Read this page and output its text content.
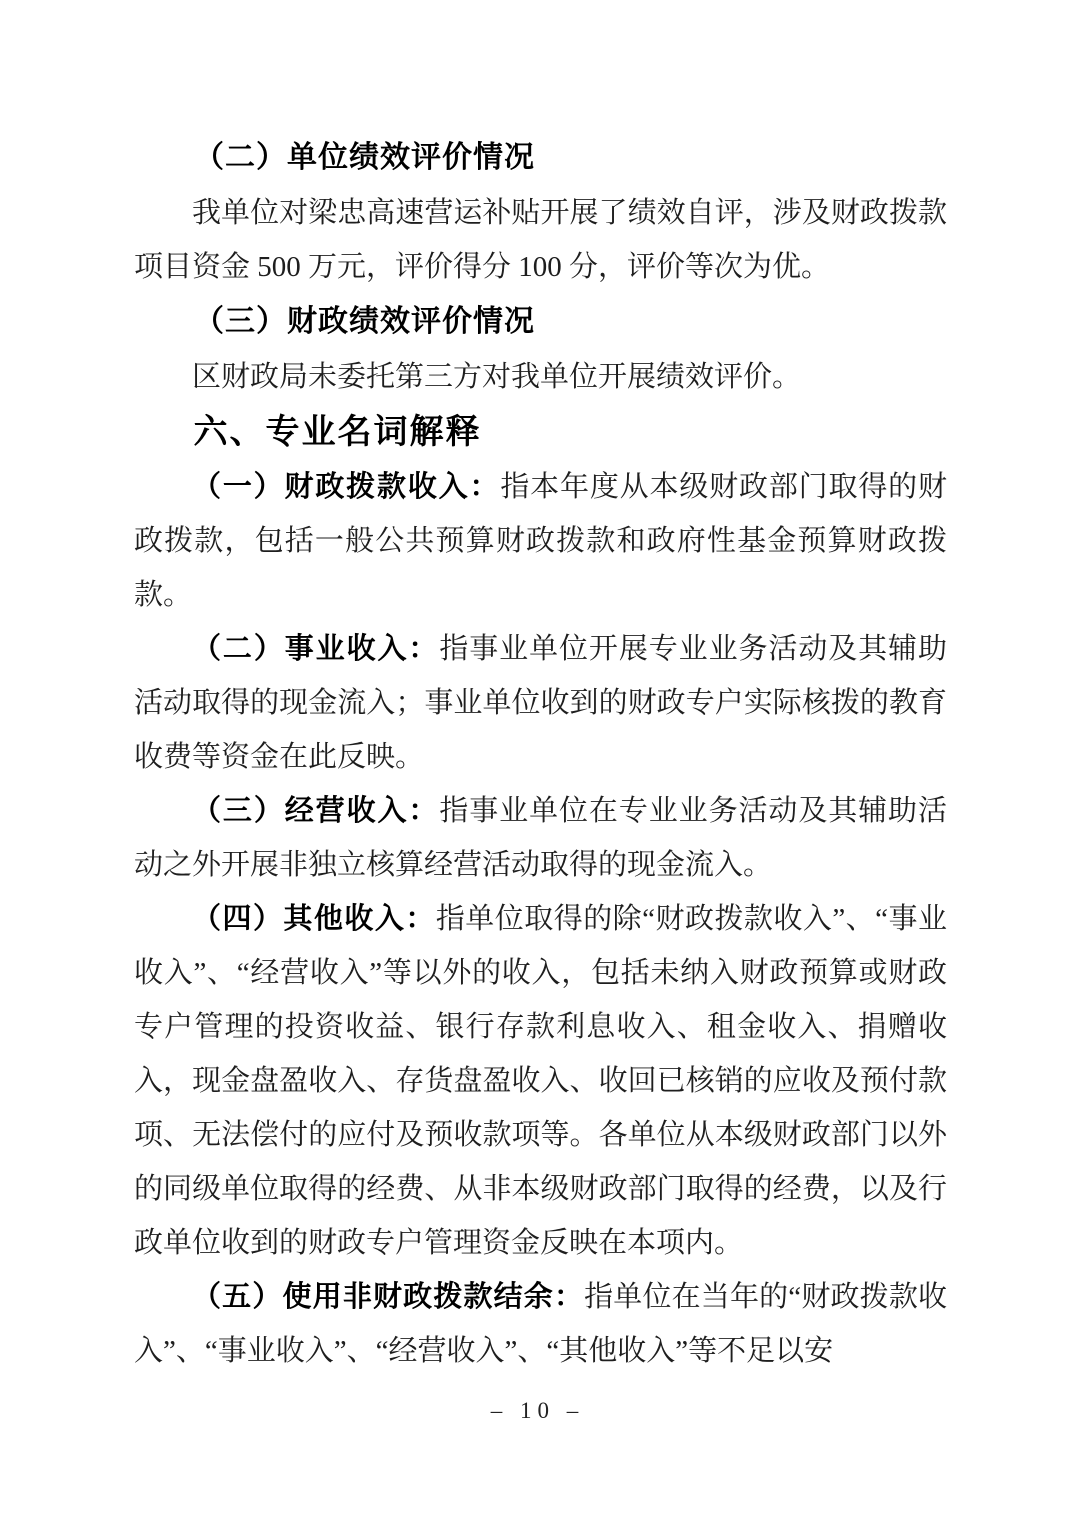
（二）单位绩效评价情况

我单位对梁忠高速营运补贴开展了绩效自评，涉及财政拨款项目资金 500 万元，评价得分 100 分，评价等次为优。

（三）财政绩效评价情况

区财政局未委托第三方对我单位开展绩效评价。

六、专业名词解释

（一）财政拨款收入：指本年度从本级财政部门取得的财政拨款，包括一般公共预算财政拨款和政府性基金预算财政拨款。

（二）事业收入：指事业单位开展专业业务活动及其辅助活动取得的现金流入；事业单位收到的财政专户实际核拨的教育收费等资金在此反映。

（三）经营收入：指事业单位在专业业务活动及其辅助活动之外开展非独立核算经营活动取得的现金流入。

（四）其他收入：指单位取得的除“财政拨款收入”、“事业收入”、“经营收入”等以外的收入，包括未纳入财政预算或财政专户管理的投资收益、银行存款利息收入、租金收入、捐赠收入，现金盘盈收入、存货盘盈收入、收回已核销的应收及预付款项、无法偿付的应付及预收款项等。各单位从本级财政部门以外的同级单位取得的经费、从非本级财政部门取得的经费，以及行政单位收到的财政专户管理资金反映在本项内。

（五）使用非财政拨款结余：指单位在当年的“财政拨款收入”、“事业收入”、“经营收入”、“其他收入”等不足以安

– 10 –
